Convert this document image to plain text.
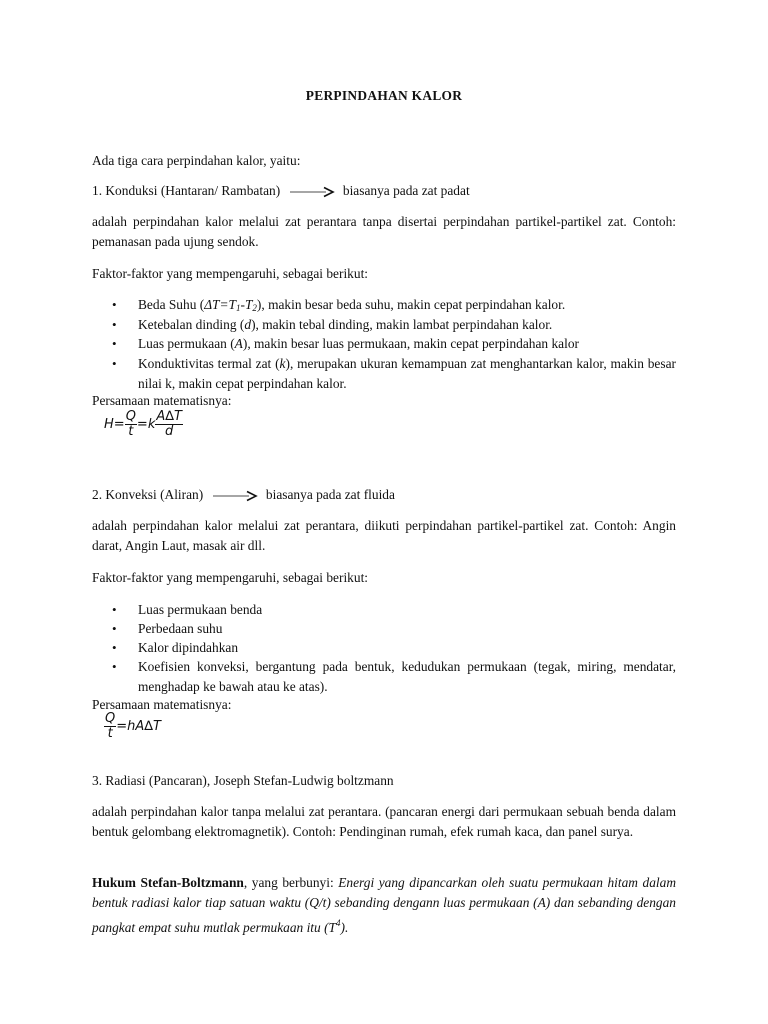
PERPINDAHAN KALOR
Ada tiga cara perpindahan kalor, yaitu:
1. Konduksi (Hantaran/ Rambatan)	biasanya pada zat padat
adalah perpindahan kalor melalui zat perantara tanpa disertai perpindahan partikel-partikel zat. Contoh: pemanasan pada ujung sendok.
Faktor-faktor yang mempengaruhi, sebagai berikut:
•	Beda Suhu $(\Delta T=T_1-T_2)$, makin besar beda suhu, makin cepat perpindahan kalor.
•	Ketebalan dinding (d), makin tebal dinding, makin lambat perpindahan kalor.
•	Luas permukaan (A), makin besar luas permukaan, makin cepat perpindahan kalor
•	Konduktivitas termal zat (k), merupakan ukuran kemampuan zat menghantarkan kalor, makin besar nilai k, makin cepat perpindahan kalor.
Persamaan matematisnya:
$H= \frac{Q}{t} =k \frac{A\Delta T}{d}$
2. Konveksi (Aliran)	biasanya pada zat fluida
adalah perpindahan kalor melalui zat perantara, diikuti perpindahan partikel-partikel zat. Contoh: Angin darat, Angin Laut, masak air dll.
Faktor-faktor yang mempengaruhi, sebagai berikut:
•	Luas permukaan benda
•	Perbedaan suhu
•	Kalor dipindahkan
•	Koefisien konveksi, bergantung pada bentuk, kedudukan permukaan (tegak, miring, mendatar, menghadap ke bawah atau ke atas).
Persamaan matematisnya:
$\frac{Q}{t} =hA\Delta T$
3. Radiasi (Pancaran), Joseph Stefan-Ludwig boltzmann
adalah perpindahan kalor tanpa melalui zat perantara. (pancaran energi dari permukaan sebuah benda dalam bentuk gelombang elektromagnetik). Contoh: Pendinginan rumah, efek rumah kaca, dan panel surya.
Hukum Stefan-Boltzmann, yang berbunyi: Energi yang dipancarkan oleh suatu permukaan hitam dalam bentuk radiasi kalor tiap satuan waktu (Q/t) sebanding dengann luas permukaan (A) dan sebanding dengan pangkat empat suhu mutlak permukaan itu $(T^4)$.
